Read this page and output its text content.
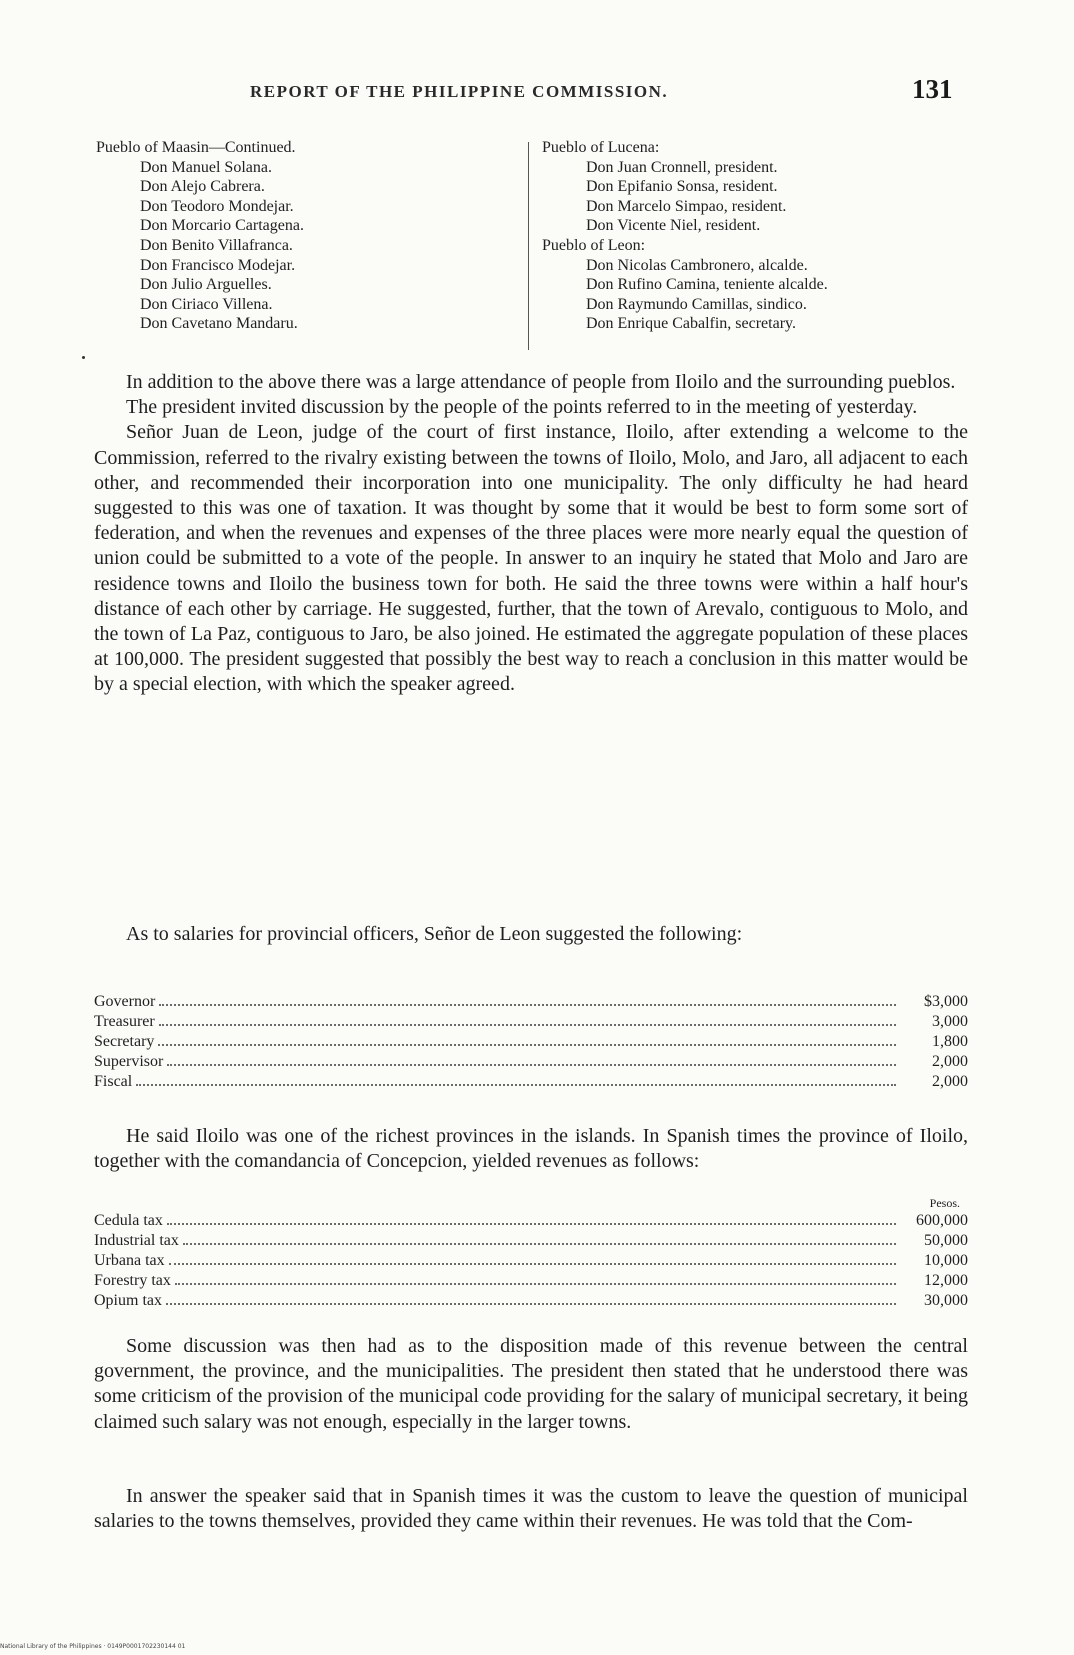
REPORT OF THE PHILIPPINE COMMISSION.	131
Pueblo of Maasin—Continued.
Don Manuel Solana.
Don Alejo Cabrera.
Don Teodoro Mondejar.
Don Morcario Cartagena.
Don Benito Villafranca.
Don Francisco Modejar.
Don Julio Arguelles.
Don Ciriaco Villena.
Don Cavetano Mandaru.
Pueblo of Lucena:
Don Juan Cronnell, president.
Don Epifanio Sonsa, resident.
Don Marcelo Simpao, resident.
Don Vicente Niel, resident.
Pueblo of Leon:
Don Nicolas Cambronero, alcalde.
Don Rufino Camina, teniente alcalde.
Don Raymundo Camillas, sindico.
Don Enrique Cabalfin, secretary.

In addition to the above there was a large attendance of people from Iloilo and the surrounding pueblos.

The president invited discussion by the people of the points referred to in the meeting of yesterday.

Señor Juan de Leon, judge of the court of first instance, Iloilo, after extending a welcome to the Commission, referred to the rivalry existing between the towns of Iloilo, Molo, and Jaro, all adjacent to each other, and recommended their incorporation into one municipality. The only difficulty he had heard suggested to this was one of taxation. It was thought by some that it would be best to form some sort of federation, and when the revenues and expenses of the three places were more nearly equal the question of union could be submitted to a vote of the people. In answer to an inquiry he stated that Molo and Jaro are residence towns and Iloilo the business town for both. He said the three towns were within a half hour's distance of each other by carriage. He suggested, further, that the town of Arevalo, contiguous to Molo, and the town of La Paz, contiguous to Jaro, be also joined. He estimated the aggregate population of these places at 100,000. The president suggested that possibly the best way to reach a conclusion in this matter would be by a special election, with which the speaker agreed.

As to salaries for provincial officers, Señor de Leon suggested the following:

Governor	$3,000
Treasurer	3,000
Secretary	1,800
Supervisor	2,000
Fiscal	2,000

He said Iloilo was one of the richest provinces in the islands. In Spanish times the province of Iloilo, together with the comandancia of Concepcion, yielded revenues as follows:

Pesos.
Cedula tax	600,000
Industrial tax	50,000
Urbana tax	10,000
Forestry tax	12,000
Opium tax	30,000

Some discussion was then had as to the disposition made of this revenue between the central government, the province, and the municipalities. The president then stated that he understood there was some criticism of the provision of the municipal code providing for the salary of municipal secretary, it being claimed such salary was not enough, especially in the larger towns.

In answer the speaker said that in Spanish times it was the custom to leave the question of municipal salaries to the towns themselves, provided they came within their revenues. He was told that the Com-

National Library of the Philippines · 0149P0001702230144 01
